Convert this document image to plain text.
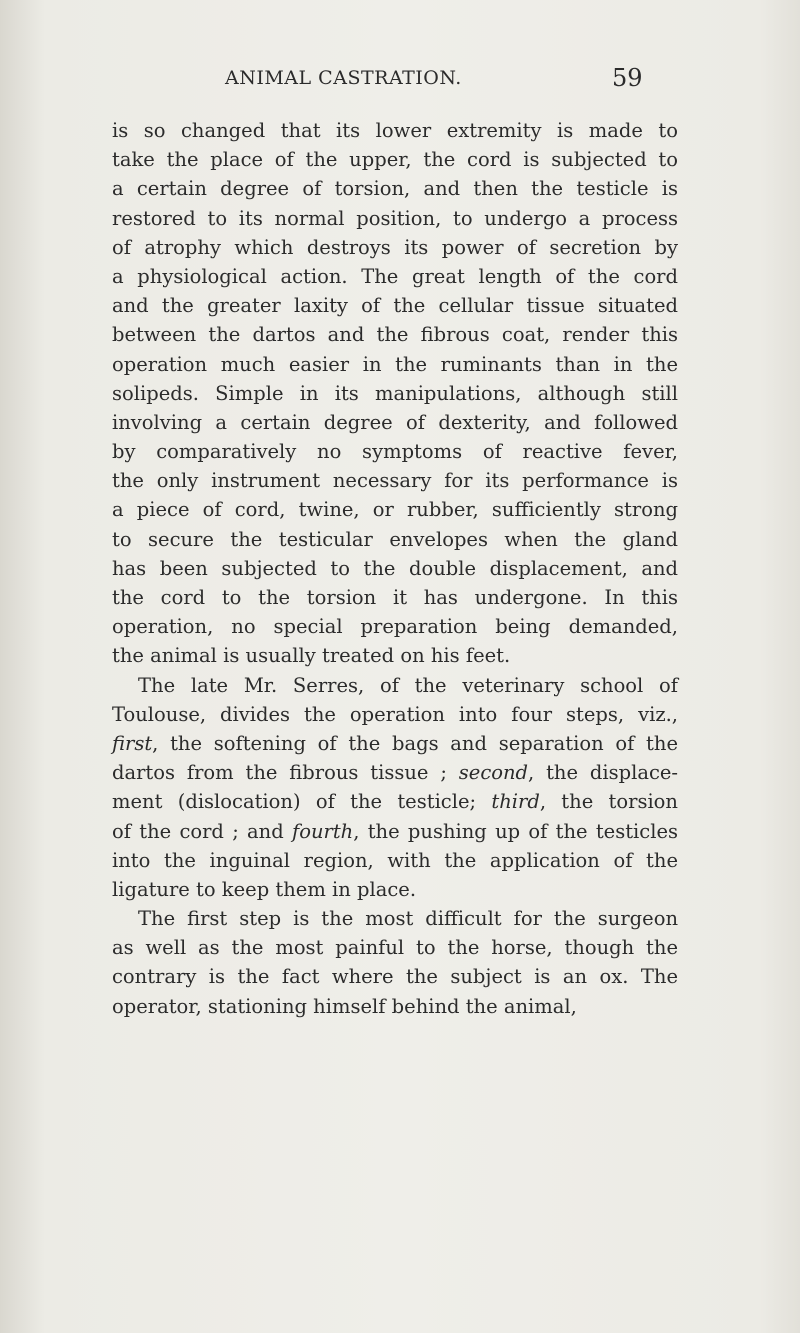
ANIMAL CASTRATION.	59
is so changed that its lower extremity is made to
take the place of the upper, the cord is subjected to
a certain degree of torsion, and then the testicle is
restored to its normal position, to undergo a process
of atrophy which destroys its power of secretion by
a physiological action. The great length of the cord
and the greater laxity of the cellular tissue situated
between the dartos and the fibrous coat, render this
operation much easier in the ruminants than in the
solipeds. Simple in its manipulations, although still
involving a certain degree of dexterity, and followed
by comparatively no symptoms of reactive fever,
the only instrument necessary for its performance is
a piece of cord, twine, or rubber, sufficiently strong
to secure the testicular envelopes when the gland
has been subjected to the double displacement, and
the cord to the torsion it has undergone. In this
operation, no special preparation being demanded,
the animal is usually treated on his feet.
The late Mr. Serres, of the veterinary school of
Toulouse, divides the operation into four steps, viz.,
first, the softening of the bags and separation of the
dartos from the fibrous tissue ; second, the displace-
ment (dislocation) of the testicle; third, the torsion
of the cord ; and fourth, the pushing up of the testicles
into the inguinal region, with the application of the
ligature to keep them in place.
The first step is the most difficult for the surgeon
as well as the most painful to the horse, though the
contrary is the fact where the subject is an ox. The
operator, stationing himself behind the animal,
